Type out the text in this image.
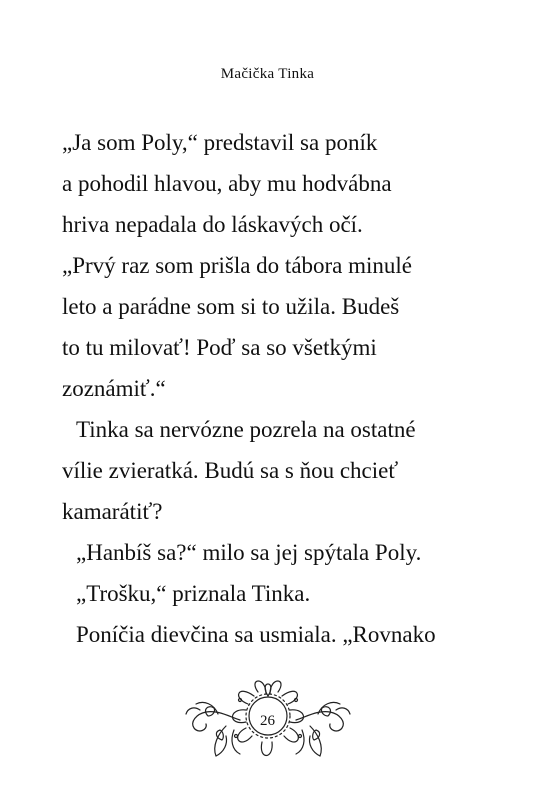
Mačička Tinka
„Ja som Poly,“ predstavil sa poník
a pohodil hlavou, aby mu hodvábna
hriva nepadala do láskavých očí.
„Prvý raz som prišla do tábora minulé
leto a parádne som si to užila. Budeš
to tu milovať! Poď sa so všetkými
zoznámiť.“
Tinka sa nervózne pozrela na ostatné
vílie zvieratká. Budú sa s ňou chcieť
kamarátiť?
„Hanbíš sa?“ milo sa jej spýtala Poly.
„Trošku,“ priznala Tinka.
Poníčia dievčina sa usmiala. „Rovnako
26
